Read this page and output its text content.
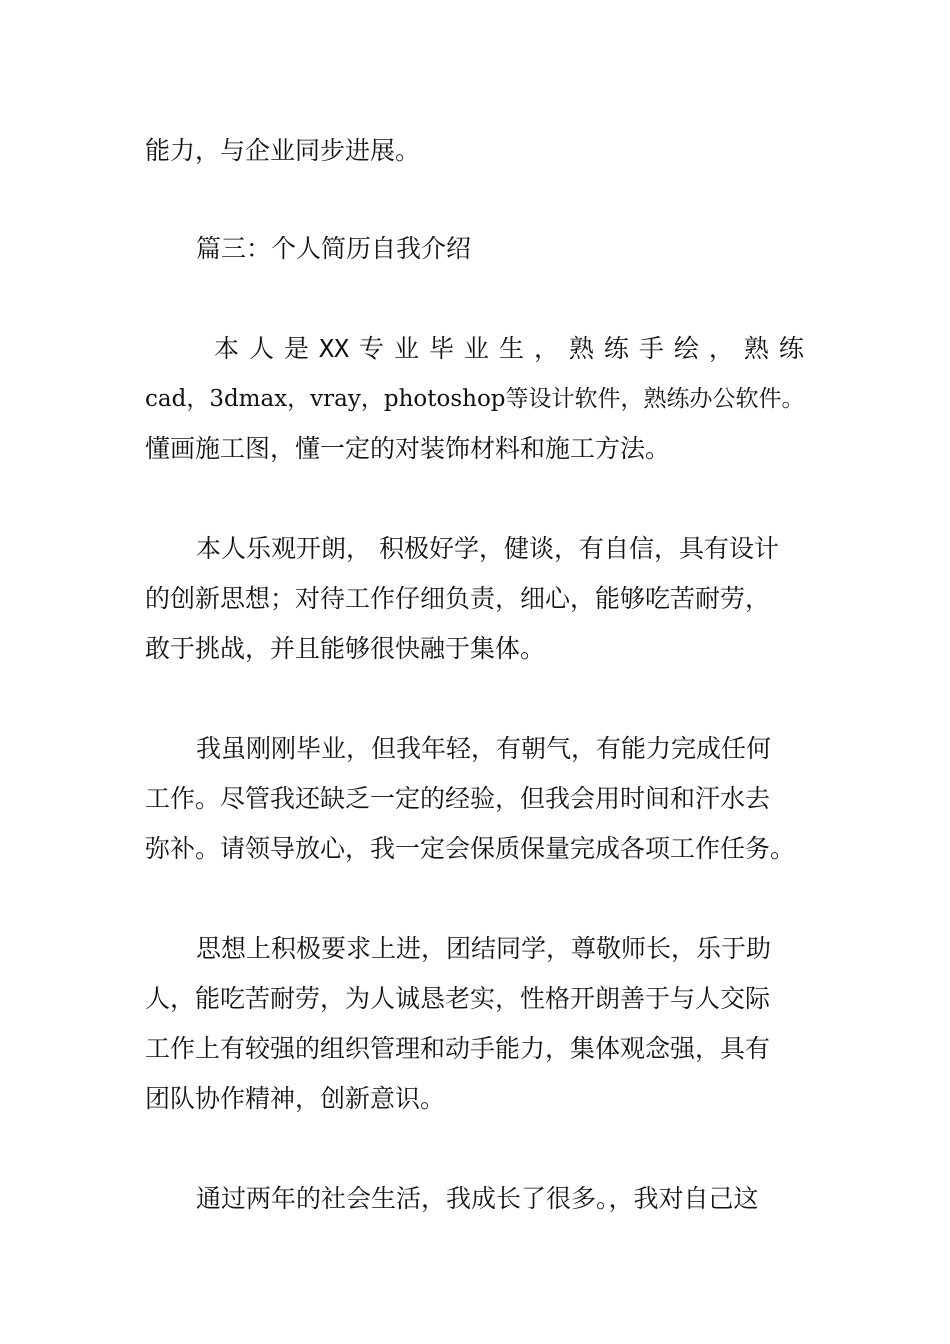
能力，与企业同步进展。
篇三：个人简历自我介绍
本 人 是 XX 专 业 毕 业 生 ， 熟 练 手 绘 ， 熟 练
cad，3dmax，vray，photoshop等设计软件，熟练办公软件。
懂画施工图，懂一定的对装饰材料和施工方法。
本人乐观开朗， 积极好学，健谈，有自信，具有设计
的创新思想；对待工作仔细负责，细心，能够吃苦耐劳，
敢于挑战，并且能够很快融于集体。
我虽刚刚毕业，但我年轻，有朝气，有能力完成任何
工作。尽管我还缺乏一定的经验，但我会用时间和汗水去
弥补。请领导放心，我一定会保质保量完成各项工作任务。
思想上积极要求上进，团结同学，尊敬师长，乐于助
人，能吃苦耐劳，为人诚恳老实，性格开朗善于与人交际
工作上有较强的组织管理和动手能力，集体观念强，具有
团队协作精神，创新意识。
通过两年的社会生活，我成长了很多。，我对自己这
